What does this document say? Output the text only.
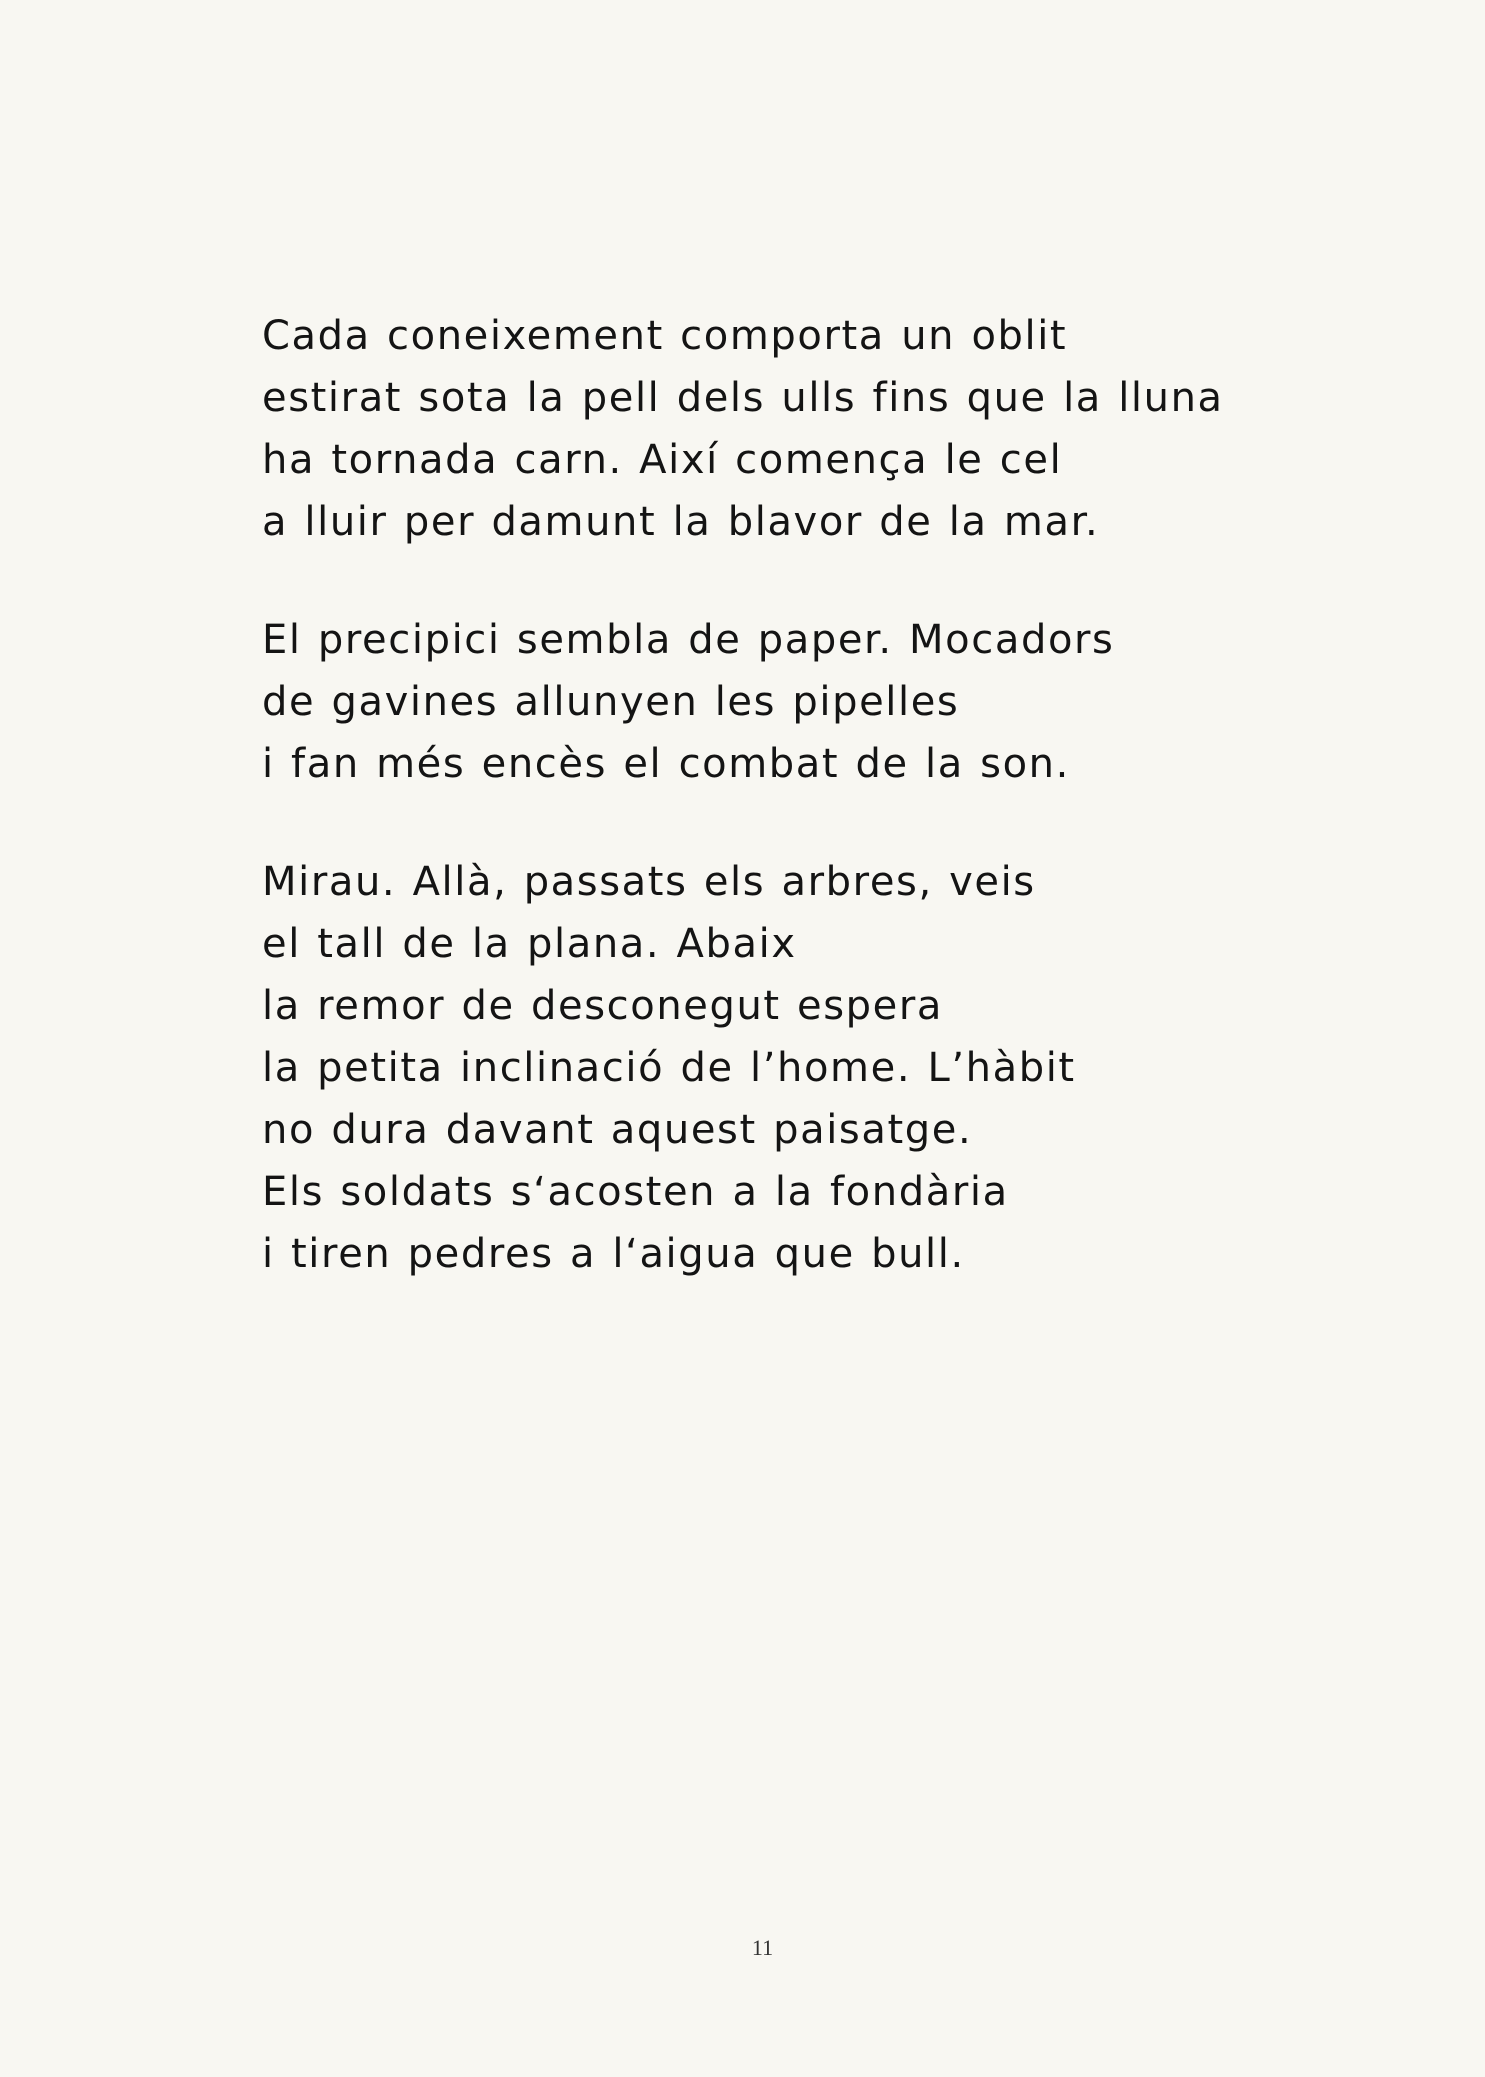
Cada coneixement comporta un oblit
estirat sota la pell dels ulls fins que la lluna
ha tornada carn. Així comença le cel
a lluir per damunt la blavor de la mar.
El precipici sembla de paper. Mocadors
de gavines allunyen les pipelles
i fan més encès el combat de la son.
Mirau. Allà, passats els arbres, veis
el tall de la plana. Abaix
la remor de desconegut espera
la petita inclinació de l’home. L’hàbit
no dura davant aquest paisatge.
Els soldats s‘acosten a la fondària
i tiren pedres a l‘aigua que bull.
11
